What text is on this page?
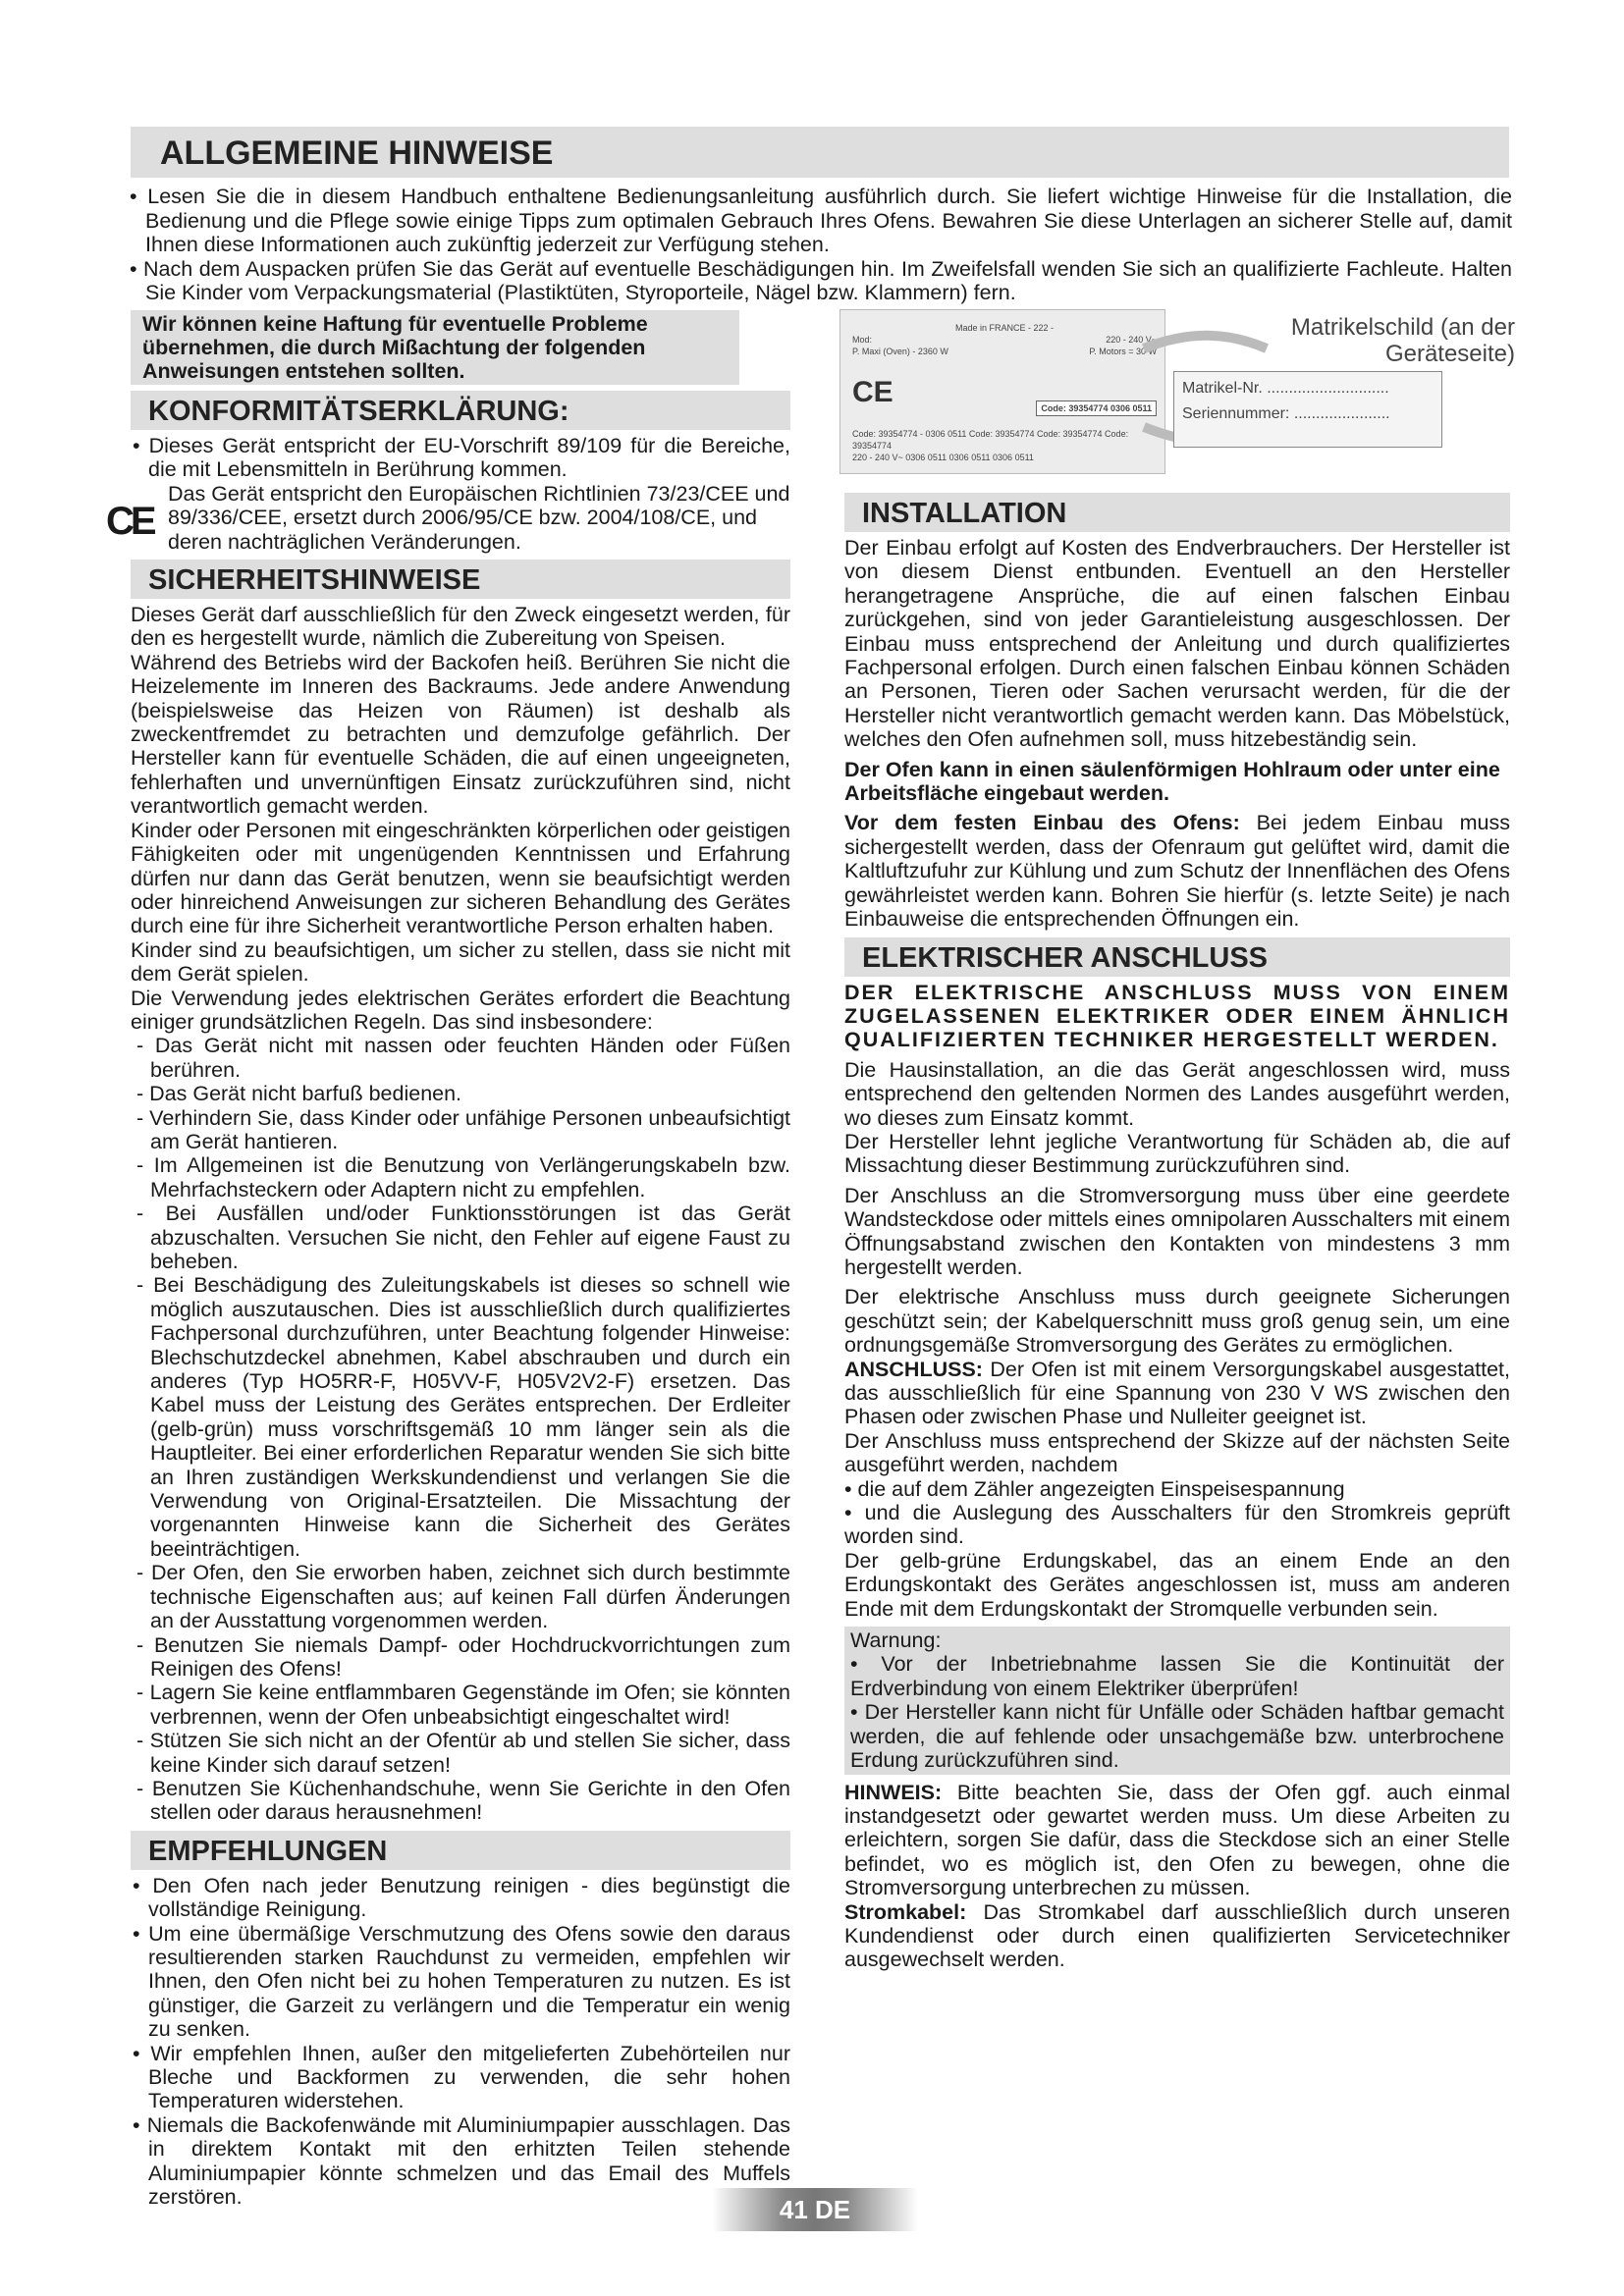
ALLGEMEINE HINWEISE

• Lesen Sie die in diesem Handbuch enthaltene Bedienungsanleitung ausführlich durch. Sie liefert wichtige Hinweise für die Installation, die Bedienung und die Pflege sowie einige Tipps zum optimalen Gebrauch Ihres Ofens. Bewahren Sie diese Unterlagen an sicherer Stelle auf, damit Ihnen diese Informationen auch zukünftig jederzeit zur Verfügung stehen.

• Nach dem Auspacken prüfen Sie das Gerät auf eventuelle Beschädigungen hin. Im Zweifelsfall wenden Sie sich an qualifizierte Fachleute. Halten Sie Kinder vom Verpackungsmaterial (Plastiktüten, Styroporteile, Nägel bzw. Klammern) fern.

Wir können keine Haftung für eventuelle Probleme übernehmen, die durch Mißachtung der folgenden Anweisungen entstehen sollten.
KONFORMITÄTSERKLÄRUNG:

• Dieses Gerät entspricht der EU-Vorschrift 89/109 für die Bereiche, die mit Lebensmitteln in Berührung kommen.

CE

Das Gerät entspricht den Europäischen Richtlinien 73/23/CEE und 89/336/CEE, ersetzt durch 2006/95/CE bzw. 2004/108/CE, und deren nachträglichen Veränderungen.

SICHERHEITSHINWEISE

Dieses Gerät darf ausschließlich für den Zweck eingesetzt werden, für den es hergestellt wurde, nämlich die Zubereitung von Speisen.

Während des Betriebs wird der Backofen heiß. Berühren Sie nicht die Heizelemente im Inneren des Backraums. Jede andere Anwendung (beispielsweise das Heizen von Räumen) ist deshalb als zweckentfremdet zu betrachten und demzufolge gefährlich. Der Hersteller kann für eventuelle Schäden, die auf einen ungeeigneten, fehlerhaften und unvernünftigen Einsatz zurückzuführen sind, nicht verantwortlich gemacht werden.

Kinder oder Personen mit eingeschränkten körperlichen oder geistigen Fähigkeiten oder mit ungenügenden Kenntnissen und Erfahrung dürfen nur dann das Gerät benutzen, wenn sie beaufsichtigt werden oder hinreichend Anweisungen zur sicheren Behandlung des Gerätes durch eine für ihre Sicherheit verantwortliche Person erhalten haben.

Kinder sind zu beaufsichtigen, um sicher zu stellen, dass sie nicht mit dem Gerät spielen.

Die Verwendung jedes elektrischen Gerätes erfordert die Beachtung einiger grundsätzlichen Regeln. Das sind insbesondere:

- Das Gerät nicht mit nassen oder feuchten Händen oder Füßen berühren.

- Das Gerät nicht barfuß bedienen.

- Verhindern Sie, dass Kinder oder unfähige Personen unbeaufsichtigt am Gerät hantieren.

- Im Allgemeinen ist die Benutzung von Verlängerungskabeln bzw. Mehrfachsteckern oder Adaptern nicht zu empfehlen.

- Bei Ausfällen und/oder Funktionsstörungen ist das Gerät abzuschalten. Versuchen Sie nicht, den Fehler auf eigene Faust zu beheben.

- Bei Beschädigung des Zuleitungskabels ist dieses so schnell wie möglich auszutauschen. Dies ist ausschließlich durch qualifiziertes Fachpersonal durchzuführen, unter Beachtung folgender Hinweise: Blechschutzdeckel abnehmen, Kabel abschrauben und durch ein anderes (Typ HO5RR-F, H05VV-F, H05V2V2-F) ersetzen. Das Kabel muss der Leistung des Gerätes entsprechen. Der Erdleiter (gelb-grün) muss vorschriftsgemäß 10 mm länger sein als die Hauptleiter. Bei einer erforderlichen Reparatur wenden Sie sich bitte an Ihren zuständigen Werkskundendienst und verlangen Sie die Verwendung von Original-Ersatzteilen. Die Missachtung der vorgenannten Hinweise kann die Sicherheit des Gerätes beeinträchtigen.

- Der Ofen, den Sie erworben haben, zeichnet sich durch bestimmte technische Eigenschaften aus; auf keinen Fall dürfen Änderungen an der Ausstattung vorgenommen werden.

- Benutzen Sie niemals Dampf- oder Hochdruckvorrichtungen zum Reinigen des Ofens!

- Lagern Sie keine entflammbaren Gegenstände im Ofen; sie könnten verbrennen, wenn der Ofen unbeabsichtigt eingeschaltet wird!

- Stützen Sie sich nicht an der Ofentür ab und stellen Sie sicher, dass keine Kinder sich darauf setzen!

- Benutzen Sie Küchenhandschuhe, wenn Sie Gerichte in den Ofen stellen oder daraus herausnehmen!

EMPFEHLUNGEN

• Den Ofen nach jeder Benutzung reinigen - dies begünstigt die vollständige Reinigung.

• Um eine übermäßige Verschmutzung des Ofens sowie den daraus resultierenden starken Rauchdunst zu vermeiden, empfehlen wir Ihnen, den Ofen nicht bei zu hohen Temperaturen zu nutzen. Es ist günstiger, die Garzeit zu verlängern und die Temperatur ein wenig zu senken.

• Wir empfehlen Ihnen, außer den mitgelieferten Zubehörteilen nur Bleche und Backformen zu verwenden, die sehr hohen Temperaturen widerstehen.

• Niemals die Backofenwände mit Aluminiumpapier ausschlagen. Das in direktem Kontakt mit den erhitzten Teilen stehende Aluminiumpapier könnte schmelzen und das Email des Muffels zerstören.

Made in FRANCE - 222 -
Mod:	220 - 240 V~
P. Maxi (Oven) - 2360 W	P. Motors = 30 W
CE	Code: 39354774 0306 0511
Code: 39354774 - 0306 0511 Code: 39354774 Code: 39354774 Code: 39354774
220 - 240 V~ 0306 0511 0306 0511 0306 0511
Matrikelschild (an der Geräteseite)
Matrikel-Nr. ............................
Seriennummer: ......................
INSTALLATION

Der Einbau erfolgt auf Kosten des Endverbrauchers. Der Hersteller ist von diesem Dienst entbunden. Eventuell an den Hersteller herangetragene Ansprüche, die auf einen falschen Einbau zurückgehen, sind von jeder Garantieleistung ausgeschlossen. Der Einbau muss entsprechend der Anleitung und durch qualifiziertes Fachpersonal erfolgen. Durch einen falschen Einbau können Schäden an Personen, Tieren oder Sachen verursacht werden, für die der Hersteller nicht verantwortlich gemacht werden kann. Das Möbelstück, welches den Ofen aufnehmen soll, muss hitzebeständig sein.

Der Ofen kann in einen säulenförmigen Hohlraum oder unter eine Arbeitsfläche eingebaut werden.

Vor dem festen Einbau des Ofens: Bei jedem Einbau muss sichergestellt werden, dass der Ofenraum gut gelüftet wird, damit die Kaltluftzufuhr zur Kühlung und zum Schutz der Innenflächen des Ofens gewährleistet werden kann. Bohren Sie hierfür (s. letzte Seite) je nach Einbauweise die entsprechenden Öffnungen ein.

ELEKTRISCHER ANSCHLUSS

DER ELEKTRISCHE ANSCHLUSS MUSS VON EINEM ZUGELASSENEN ELEKTRIKER ODER EINEM ÄHNLICH QUALIFIZIERTEN TECHNIKER HERGESTELLT WERDEN.

Die Hausinstallation, an die das Gerät angeschlossen wird, muss entsprechend den geltenden Normen des Landes ausgeführt werden, wo dieses zum Einsatz kommt.

Der Hersteller lehnt jegliche Verantwortung für Schäden ab, die auf Missachtung dieser Bestimmung zurückzuführen sind.

Der Anschluss an die Stromversorgung muss über eine geerdete Wandsteckdose oder mittels eines omnipolaren Ausschalters mit einem Öffnungsabstand zwischen den Kontakten von mindestens 3 mm hergestellt werden.

Der elektrische Anschluss muss durch geeignete Sicherungen geschützt sein; der Kabelquerschnitt muss groß genug sein, um eine ordnungsgemäße Stromversorgung des Gerätes zu ermöglichen.

ANSCHLUSS: Der Ofen ist mit einem Versorgungskabel ausgestattet, das ausschließlich für eine Spannung von 230 V WS zwischen den Phasen oder zwischen Phase und Nulleiter geeignet ist.

Der Anschluss muss entsprechend der Skizze auf der nächsten Seite ausgeführt werden, nachdem

• die auf dem Zähler angezeigten Einspeisespannung

• und die Auslegung des Ausschalters für den Stromkreis geprüft worden sind.

Der gelb-grüne Erdungskabel, das an einem Ende an den Erdungskontakt des Gerätes angeschlossen ist, muss am anderen Ende mit dem Erdungskontakt der Stromquelle verbunden sein.

Warnung:

• Vor der Inbetriebnahme lassen Sie die Kontinuität der Erdverbindung von einem Elektriker überprüfen!

• Der Hersteller kann nicht für Unfälle oder Schäden haftbar gemacht werden, die auf fehlende oder unsachgemäße bzw. unterbrochene Erdung zurückzuführen sind.

HINWEIS: Bitte beachten Sie, dass der Ofen ggf. auch einmal instandgesetzt oder gewartet werden muss. Um diese Arbeiten zu erleichtern, sorgen Sie dafür, dass die Steckdose sich an einer Stelle befindet, wo es möglich ist, den Ofen zu bewegen, ohne die Stromversorgung unterbrechen zu müssen.

Stromkabel: Das Stromkabel darf ausschließlich durch unseren Kundendienst oder durch einen qualifizierten Servicetechniker ausgewechselt werden.

41 DE
